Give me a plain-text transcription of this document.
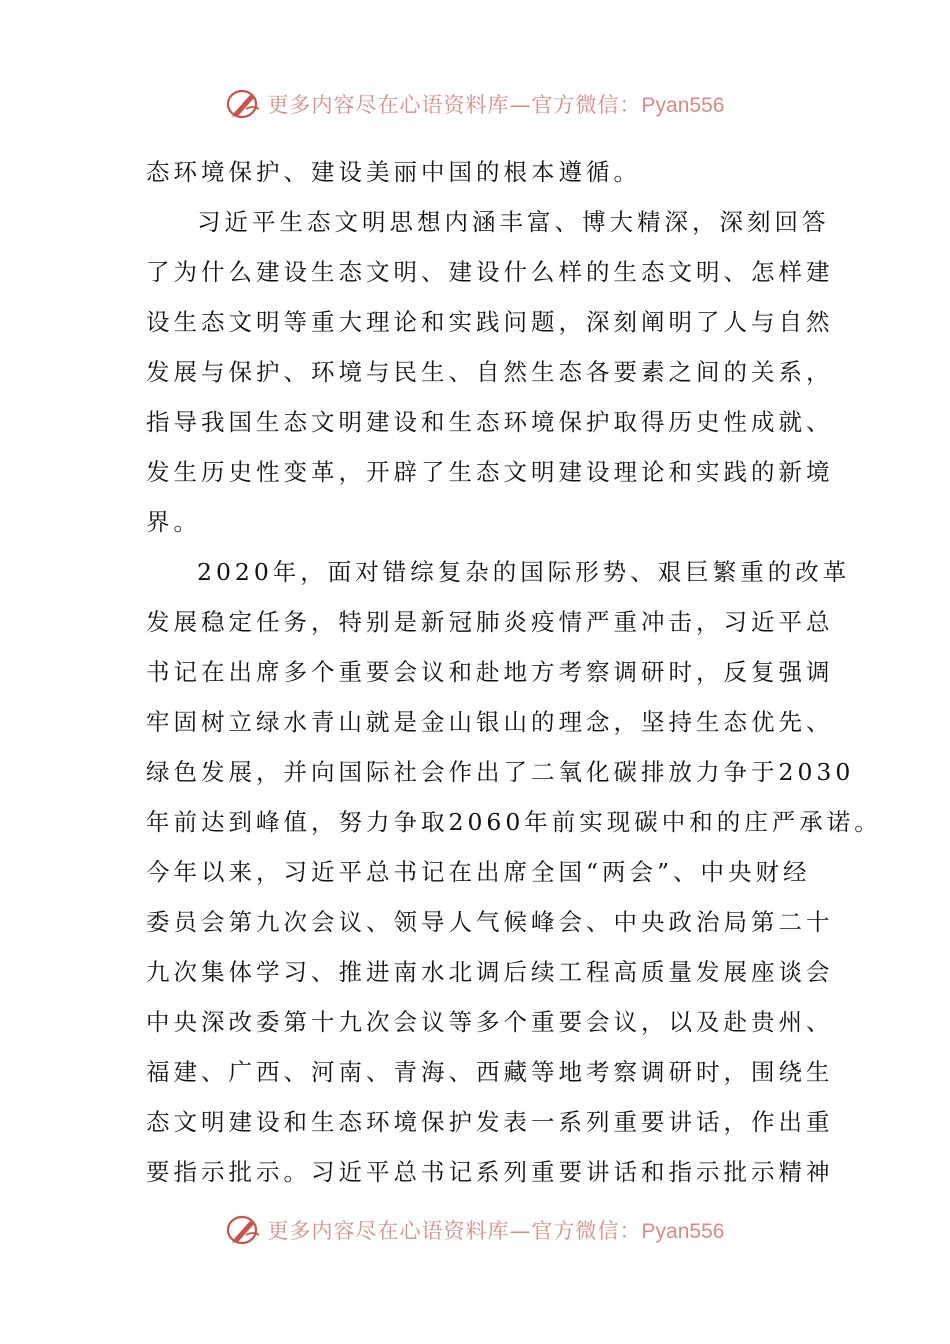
更多内容尽在心语资料库—官方微信：Pyan556
态环境保护、建设美丽中国的根本遵循。
习近平生态文明思想内涵丰富、博大精深，深刻回答
了为什么建设生态文明、建设什么样的生态文明、怎样建
设生态文明等重大理论和实践问题，深刻阐明了人与自然
发展与保护、环境与民生、自然生态各要素之间的关系，
指导我国生态文明建设和生态环境保护取得历史性成就、
发生历史性变革，开辟了生态文明建设理论和实践的新境
界。
2020年，面对错综复杂的国际形势、艰巨繁重的改革
发展稳定任务，特别是新冠肺炎疫情严重冲击，习近平总
书记在出席多个重要会议和赴地方考察调研时，反复强调
牢固树立绿水青山就是金山银山的理念，坚持生态优先、
绿色发展，并向国际社会作出了二氧化碳排放力争于2030
年前达到峰值，努力争取2060年前实现碳中和的庄严承诺。
今年以来，习近平总书记在出席全国“两会”、中央财经
委员会第九次会议、领导人气候峰会、中央政治局第二十
九次集体学习、推进南水北调后续工程高质量发展座谈会
中央深改委第十九次会议等多个重要会议，以及赴贵州、
福建、广西、河南、青海、西藏等地考察调研时，围绕生
态文明建设和生态环境保护发表一系列重要讲话，作出重
要指示批示。习近平总书记系列重要讲话和指示批示精神
更多内容尽在心语资料库—官方微信：Pyan556
